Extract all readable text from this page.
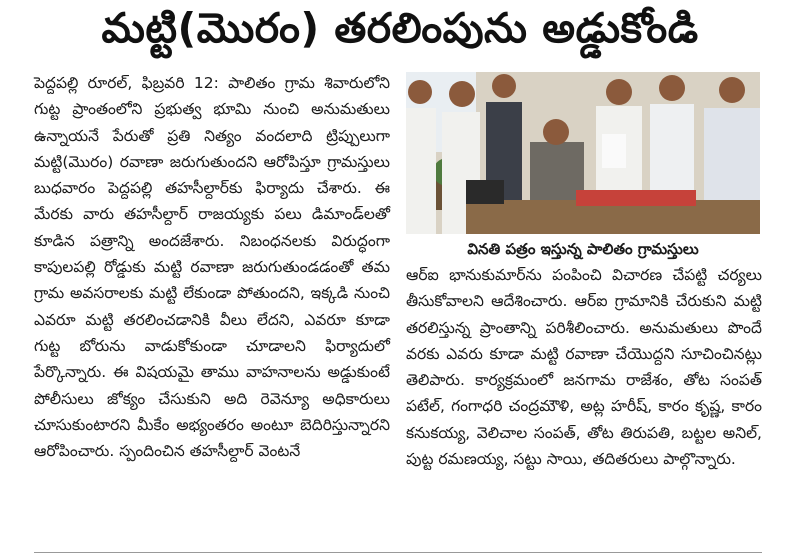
మట్టి(మొరం) తరలింపును అడ్డుకోండి

పెద్దపల్లి రూరల్, ఫిబ్రవరి 12: పాలితం గ్రామ శివారులోని గుట్ట ప్రాంతంలోని ప్రభుత్వ భూమి నుంచి అనుమతులు ఉన్నాయనే పేరుతో ప్రతి నిత్యం వందలాది ట్రిప్పులుగా మట్టి(మొరం) రవాణా జరుగుతుందని ఆరోపిస్తూ గ్రామస్తులు బుధవారం పెద్దపల్లి తహసీల్దార్‌కు ఫిర్యాదు చేశారు. ఈ మేరకు వారు తహసీల్దార్ రాజయ్యకు పలు డిమాండ్‌లతో కూడిన పత్రాన్ని అందజేశారు. నిబంధనలకు విరుద్ధంగా కాపులపల్లి రోడ్డుకు మట్టి రవాణా జరుగుతుండడంతో తమ గ్రామ అవసరాలకు మట్టి లేకుండా పోతుందని, ఇక్కడి నుంచి ఎవరూ మట్టి తరలించడానికి వీలు లేదని, ఎవరూ కూడా గుట్ట బోరును వాడుకోకుండా చూడాలని ఫిర్యాదులో పేర్కొన్నారు. ఈ విషయమై తాము వాహనాలను అడ్డుకుంటే పోలీసులు జోక్యం చేసుకుని అది రెవెన్యూ అధికారులు చూసుకుంటారని మీకేం అభ్యంతరం అంటూ బెదిరిస్తున్నారని ఆరోపించారు. స్పందించిన తహసీల్దార్ వెంటనే

వినతి పత్రం ఇస్తున్న పాలితం గ్రామస్తులు

ఆర్ఐ భానుకుమార్‌ను పంపించి విచారణ చేపట్టి చర్యలు తీసుకోవాలని ఆదేశించారు. ఆర్ఐ గ్రామానికి చేరుకుని మట్టి తరలిస్తున్న ప్రాంతాన్ని పరిశీలించారు. అనుమతులు పొందే వరకు ఎవరు కూడా మట్టి రవాణా చేయొద్దని సూచించినట్లు తెలిపారు. కార్యక్రమంలో జనగామ రాజేశం, తోట సంపత్ పటేల్, గంగాధరి చంద్రమౌళి, అట్ల హరీష్, కారం కృష్ణ, కారం కనుకయ్య, వెలిచాల సంపత్, తోట తిరుపతి, బట్టల అనిల్, పుట్ట రమణయ్య, సట్టు సాయి, తదితరులు పాల్గొన్నారు.
